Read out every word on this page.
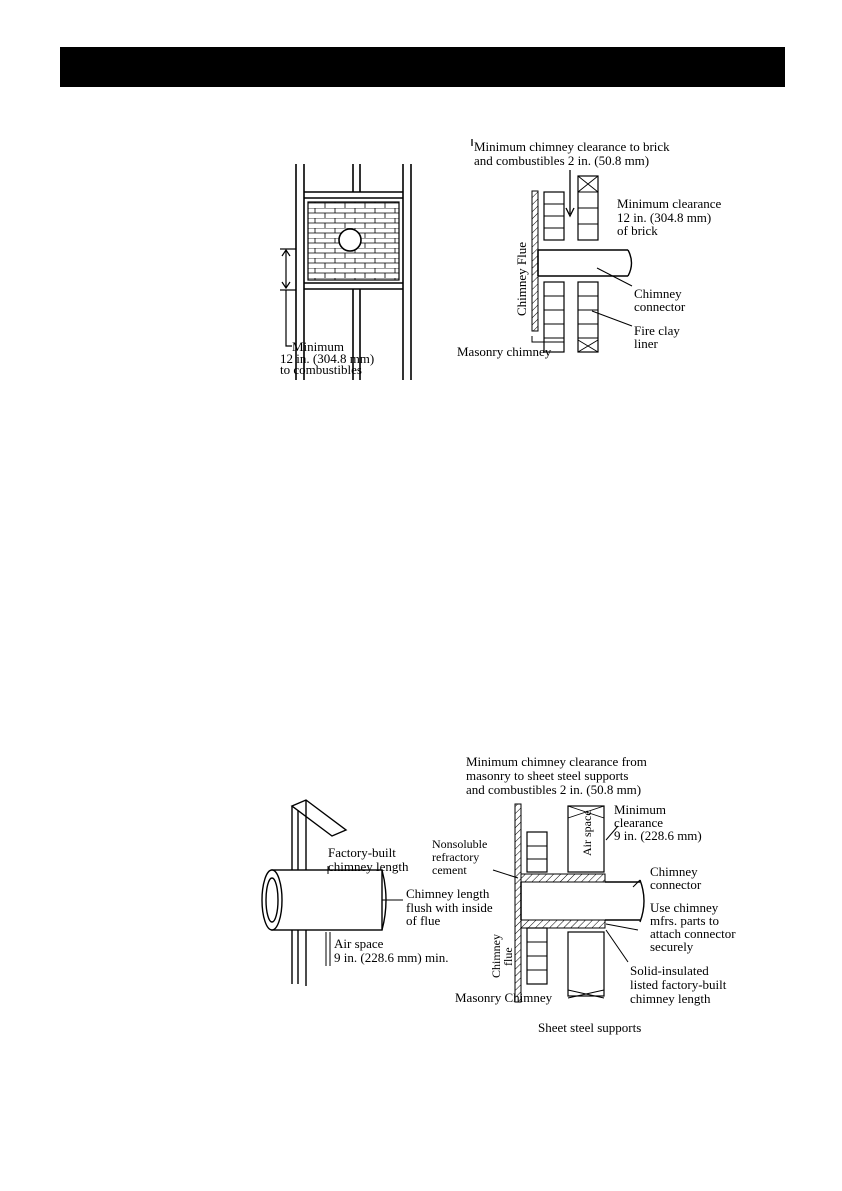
Minimum
12 in. (304.8 mm)
to combustibles
Minimum chimney clearance to brick
and combustibles 2 in. (50.8 mm)
Minimum clearance
12 in. (304.8 mm)
of brick
Chimney Flue	Chimney
connector
Fire clay
liner
Masonry chimney
Factory-built
chimney length
Chimney length
flush with inside
of flue
Air space
9 in. (228.6 mm) min.
Minimum chimney clearance from
masonry to sheet steel supports
and combustibles 2 in. (50.8 mm)
Air space
Minimum
clearance
9 in. (228.6 mm)
Nonsoluble
refractory
cement	Chimney
connector
Use chimney
mfrs. parts to
attach connector
securely
Chimney
flue
Solid-insulated
listed factory-built
chimney length
Masonry Chimney
Sheet steel supports
